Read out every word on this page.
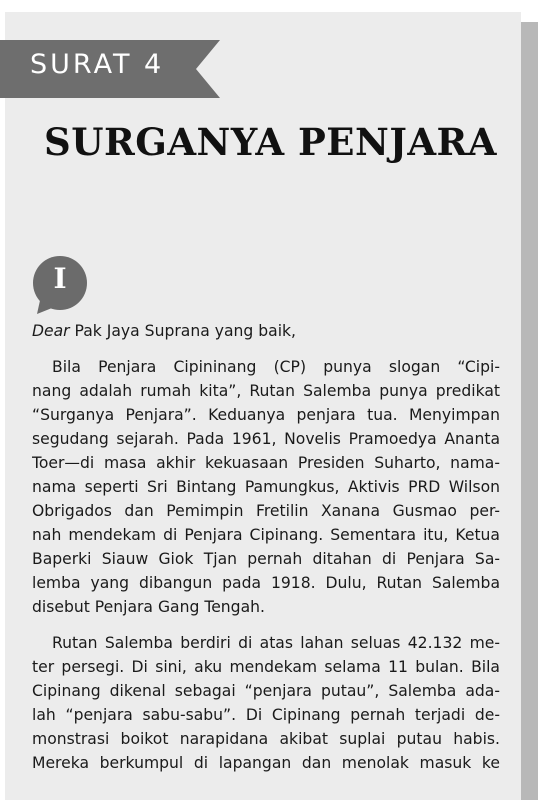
SURAT 4
SURGANYA PENJARA
I
Dear Pak Jaya Suprana yang baik,
Bila Penjara Cipininang (CP) punya slogan “Cipi-
nang adalah rumah kita”, Rutan Salemba punya predikat
“Surganya Penjara”. Keduanya penjara tua. Menyimpan
segudang sejarah. Pada 1961, Novelis Pramoedya Ananta
Toer—di masa akhir kekuasaan Presiden Suharto, nama-
nama seperti Sri Bintang Pamungkus, Aktivis PRD Wilson
Obrigados dan Pemimpin Fretilin Xanana Gusmao per-
nah mendekam di Penjara Cipinang. Sementara itu, Ketua
Baperki Siauw Giok Tjan pernah ditahan di Penjara Sa-
lemba yang dibangun pada 1918. Dulu, Rutan Salemba
disebut Penjara Gang Tengah.
Rutan Salemba berdiri di atas lahan seluas 42.132 me-
ter persegi. Di sini, aku mendekam selama 11 bulan. Bila
Cipinang dikenal sebagai “penjara putau”, Salemba ada-
lah “penjara sabu-sabu”. Di Cipinang pernah terjadi de-
monstrasi boikot narapidana akibat suplai putau habis.
Mereka berkumpul di lapangan dan menolak masuk ke
